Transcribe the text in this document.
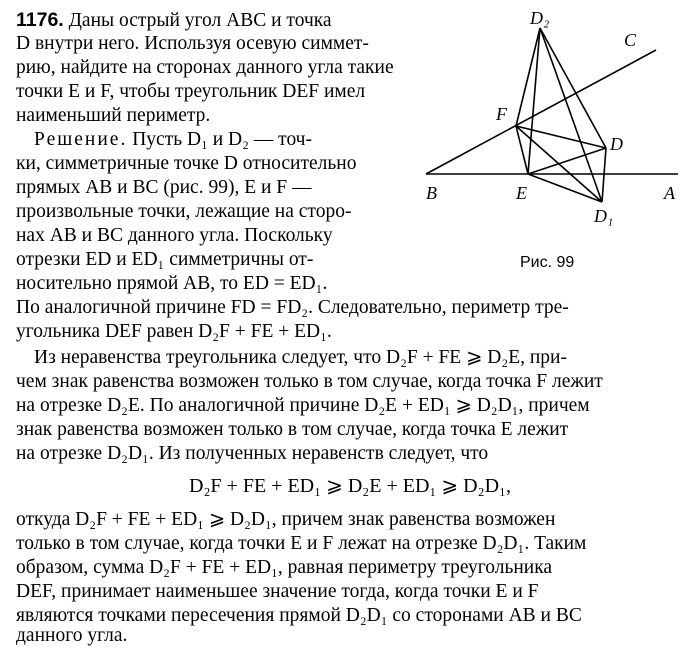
1176. Даны острый угол ABC и точка
D внутри него. Используя осевую симмет-
рию, найдите на сторонах данного угла такие
точки E и F, чтобы треугольник DEF имел
наименьший периметр.
Решение. Пусть D₁ и D₂ — точ-
ки, симметричные точке D относительно
прямых AB и BC (рис. 99), E и F —
произвольные точки, лежащие на сторо-
нах AB и BC данного угла. Поскольку
отрезки ED и ED₁ симметричны от-
носительно прямой AB, то ED = ED₁.
По аналогичной причине FD = FD₂. Следовательно, периметр тре-
угольника DEF равен D₂F + FE + ED₁.
Из неравенства треугольника следует, что D₂F + FE ⩾ D₂E, при-
чем знак равенства возможен только в том случае, когда точка F лежит
на отрезке D₂E. По аналогичной причине D₂E + ED₁ ⩾ D₂D₁, причем
знак равенства возможен только в том случае, когда точка E лежит
на отрезке D₂D₁. Из полученных неравенств следует, что
D₂F + FE + ED₁ ⩾ D₂E + ED₁ ⩾ D₂D₁,
откуда D₂F + FE + ED₁ ⩾ D₂D₁, причем знак равенства возможен
только в том случае, когда точки E и F лежат на отрезке D₂D₁. Таким
образом, сумма D₂F + FE + ED₁, равная периметру треугольника
DEF, принимает наименьшее значение тогда, когда точки E и F
являются точками пересечения прямой D₂D₁ со сторонами AB и BC
данного угла.
D₂
C
F
D
B	E	A
D₁
Рис. 99
